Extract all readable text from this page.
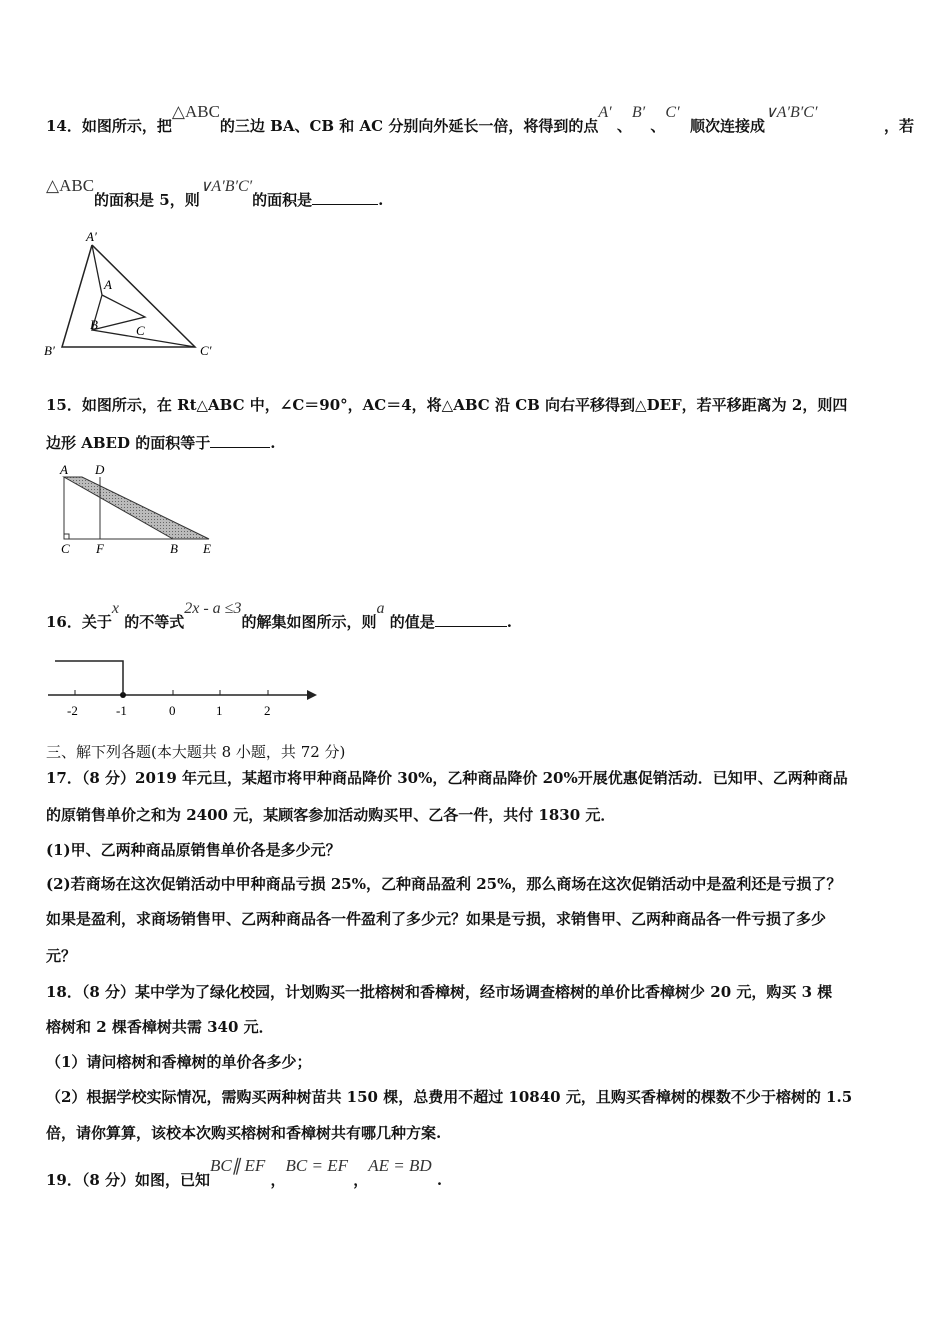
14．如图所示，把△ABC的三边 BA、CB 和 AC 分别向外延长一倍，将得到的点A′ 、B′ 、C′  顺次连接成∨A′B′C′
，若
△ABC的面积是 5，则∨A′B′C′的面积是	.
A′
A
B	C
B′	C′
15．如图所示，在 Rt△ABC 中，∠C＝90°，AC＝4，将△ABC 沿 CB 向右平移得到△DEF，若平移距离为 2，则四
边形 ABED 的面积等于	.
A D
C F	B E
16．关于x 的不等式2x - a ≤3的解集如图所示，则a 的值是	.
-2	-1	0	1	2
三、解下列各题(本大题共 8 小题，共 72 分)
17．（8 分）2019 年元旦，某超市将甲种商品降价 30%，乙种商品降价 20%开展优惠促销活动．已知甲、乙两种商品
的原销售单价之和为 2400 元，某顾客参加活动购买甲、乙各一件，共付 1830 元．
(1)甲、乙两种商品原销售单价各是多少元？
(2)若商场在这次促销活动中甲种商品亏损 25%，乙种商品盈利 25%，那么商场在这次促销活动中是盈利还是亏损了？
如果是盈利，求商场销售甲、乙两种商品各一件盈利了多少元？如果是亏损，求销售甲、乙两种商品各一件亏损了多少
元？
18．（8 分）某中学为了绿化校园，计划购买一批榕树和香樟树，经市场调查榕树的单价比香樟树少 20 元，购买 3 棵
榕树和 2 棵香樟树共需 340 元．
（1）请问榕树和香樟树的单价各多少；
（2）根据学校实际情况，需购买两种树苗共 150 棵，总费用不超过 10840 元，且购买香樟树的棵数不少于榕树的 1.5
倍，请你算算，该校本次购买榕树和香樟树共有哪几种方案.
19．（8 分）如图，已知BC∥ EF ，BC = EF ，AE = BD .
